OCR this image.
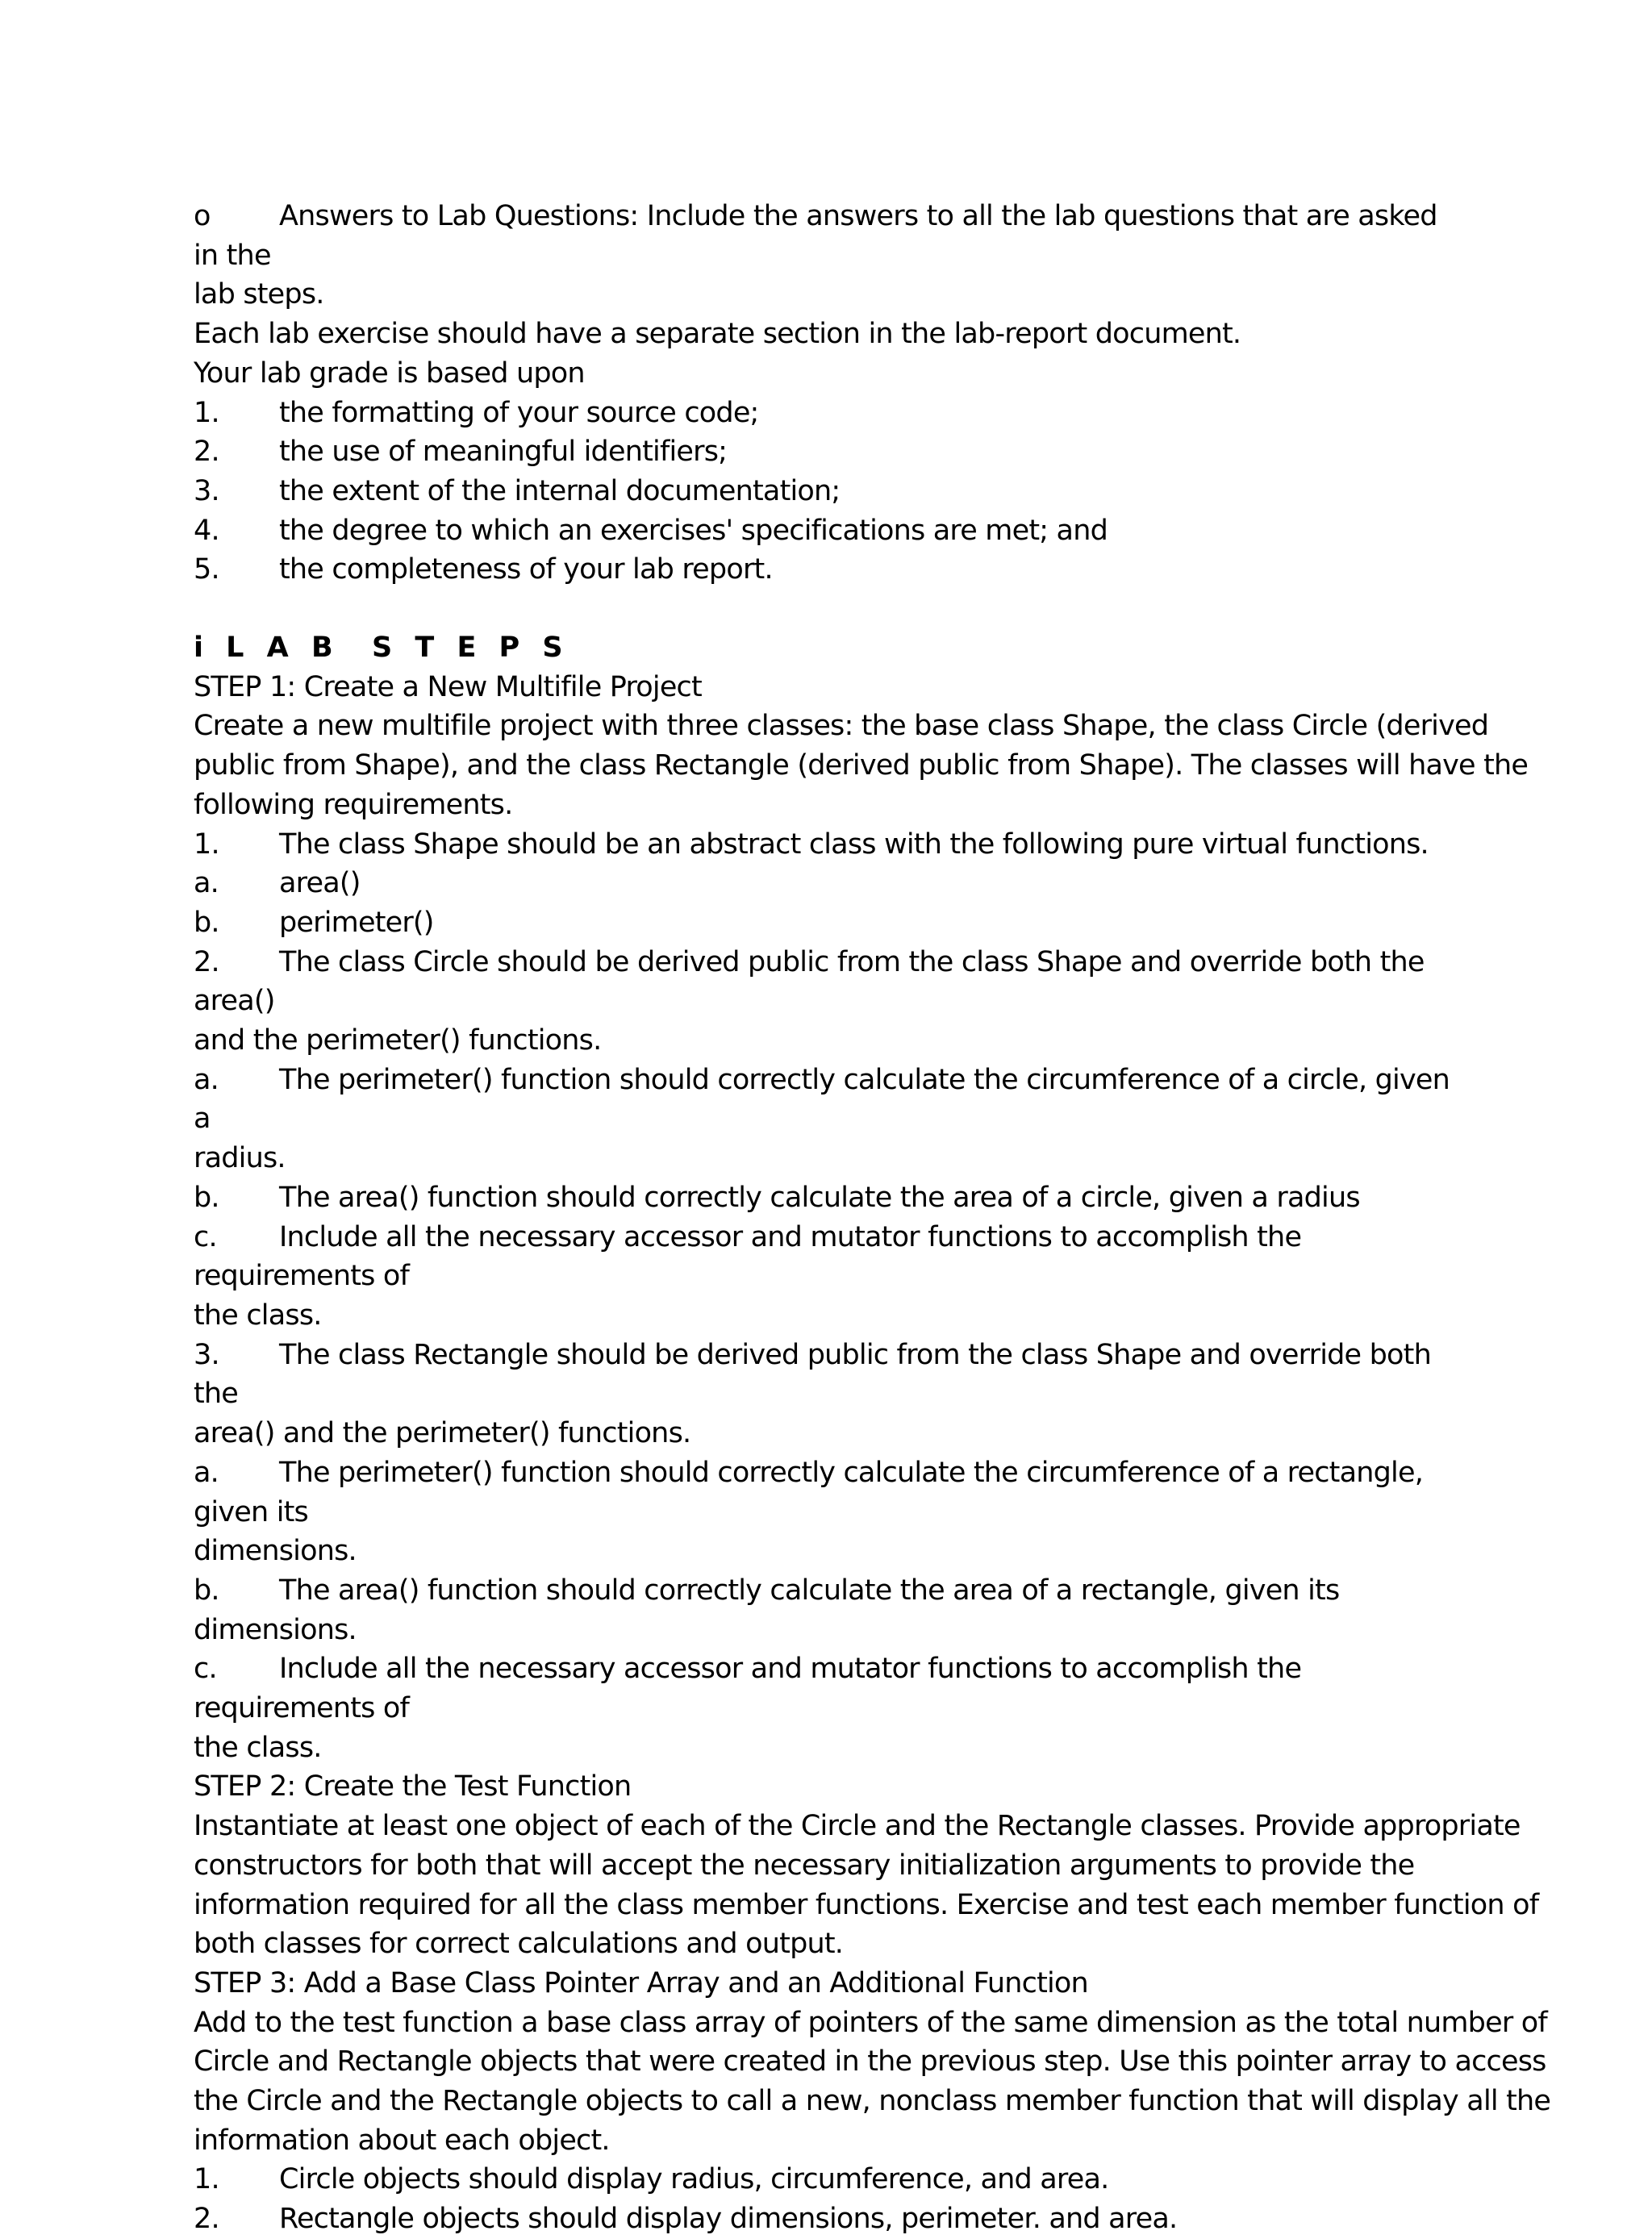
o Answers to Lab Questions: Include the answers to all the lab questions that are asked in the
lab steps.
Each lab exercise should have a separate section in the lab-report document.
Your lab grade is based upon
1. the formatting of your source code;
2. the use of meaningful identifiers;
3. the extent of the internal documentation;
4. the degree to which an exercises' specifications are met; and
5. the completeness of your lab report.
i L A B  S T E P S
STEP 1: Create a New Multifile Project
Create a new multifile project with three classes: the base class Shape, the class Circle (derived
public from Shape), and the class Rectangle (derived public from Shape). The classes will have the
following requirements.
1. The class Shape should be an abstract class with the following pure virtual functions.
a. area()
b. perimeter()
2. The class Circle should be derived public from the class Shape and override both the area()
and the perimeter() functions.
a. The perimeter() function should correctly calculate the circumference of a circle, given a
radius.
b. The area() function should correctly calculate the area of a circle, given a radius
c. Include all the necessary accessor and mutator functions to accomplish the requirements of
the class.
3. The class Rectangle should be derived public from the class Shape and override both the
area() and the perimeter() functions.
a. The perimeter() function should correctly calculate the circumference of a rectangle, given its
dimensions.
b. The area() function should correctly calculate the area of a rectangle, given its dimensions.
c. Include all the necessary accessor and mutator functions to accomplish the requirements of
the class.
STEP 2: Create the Test Function
Instantiate at least one object of each of the Circle and the Rectangle classes. Provide appropriate
constructors for both that will accept the necessary initialization arguments to provide the
information required for all the class member functions. Exercise and test each member function of
both classes for correct calculations and output.
STEP 3: Add a Base Class Pointer Array and an Additional Function
Add to the test function a base class array of pointers of the same dimension as the total number of
Circle and Rectangle objects that were created in the previous step. Use this pointer array to access
the Circle and the Rectangle objects to call a new, nonclass member function that will display all the
information about each object.
1. Circle objects should display radius, circumference, and area.
2. Rectangle objects should display dimensions, perimeter. and area.
